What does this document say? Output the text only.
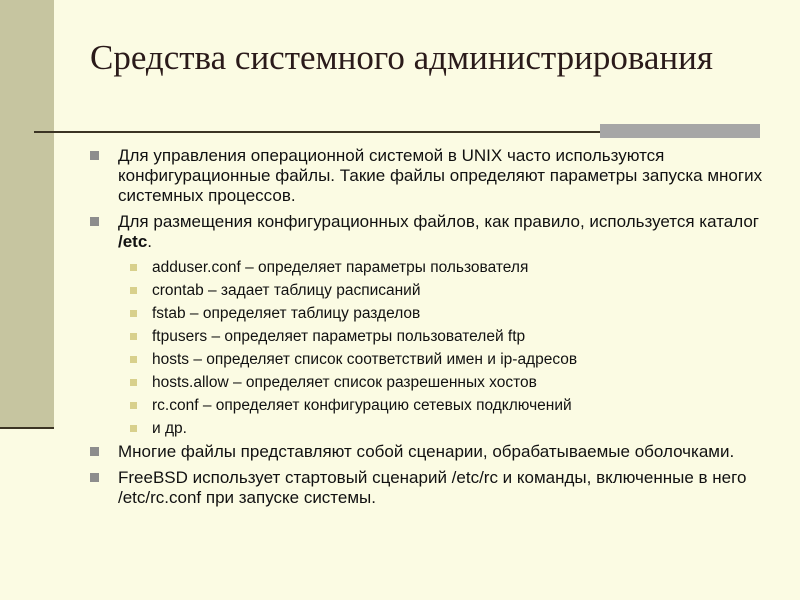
Средства системного администрирования
Для управления операционной системой в UNIX часто используются конфигурационные файлы. Такие файлы определяют параметры запуска многих системных процессов.
Для размещения конфигурационных файлов, как правило, используется каталог /etc.
adduser.conf – определяет параметры пользователя
crontab – задает таблицу расписаний
fstab – определяет таблицу разделов
ftpusers – определяет параметры пользователей ftp
hosts – определяет список соответствий имен и ip-адресов
hosts.allow – определяет список разрешенных хостов
rc.conf – определяет конфигурацию сетевых подключений
и др.
Многие файлы представляют собой сценарии, обрабатываемые оболочками.
FreeBSD использует стартовый сценарий /etc/rc и команды, включенные в него /etc/rc.conf при запуске системы.
